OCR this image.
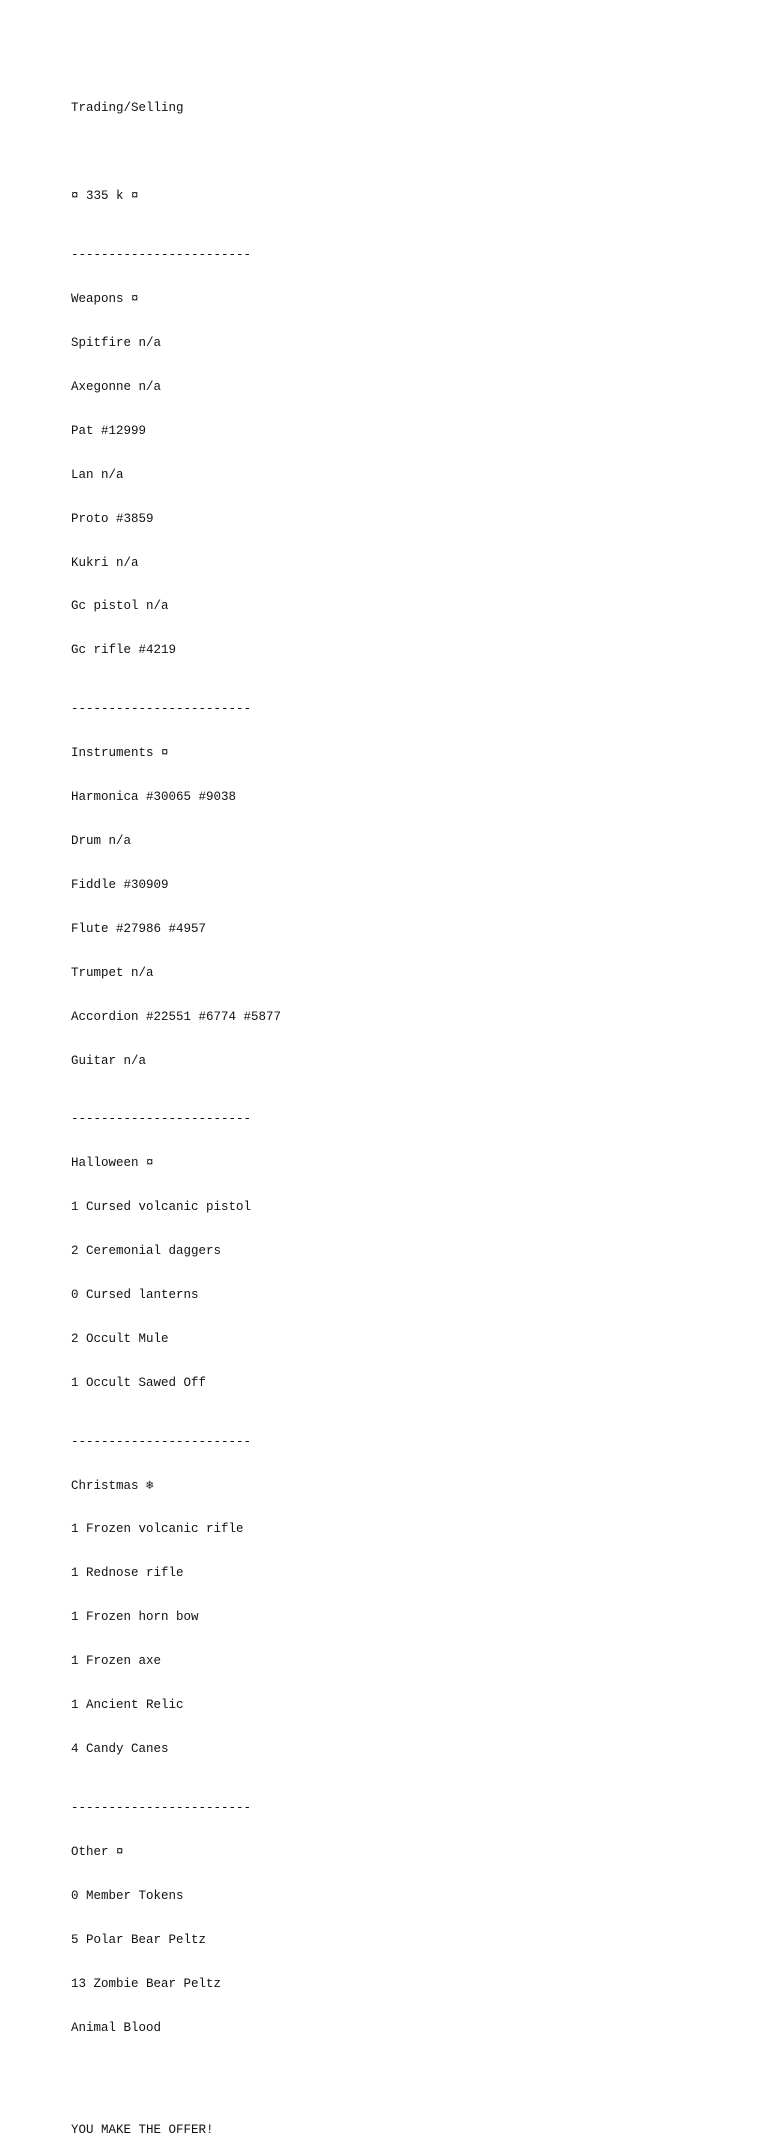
Trading/Selling

¤ 335 k ¤

------------------------

Weapons ¤

Spitfire n/a

Axegonne n/a

Pat #12999

Lan n/a

Proto #3859

Kukri n/a

Gc pistol n/a

Gc rifle #4219

------------------------

Instruments ¤

Harmonica #30065 #9038

Drum n/a

Fiddle #30909

Flute #27986 #4957

Trumpet n/a

Accordion #22551 #6774 #5877

Guitar n/a

------------------------

Halloween ¤

1 Cursed volcanic pistol

2 Ceremonial daggers

0 Cursed lanterns

2 Occult Mule

1 Occult Sawed Off

------------------------

Christmas ❄

1 Frozen volcanic rifle

1 Rednose rifle

1 Frozen horn bow

1 Frozen axe

1 Ancient Relic

4 Candy Canes

------------------------

Other ¤

0 Member Tokens

5 Polar Bear Peltz

13 Zombie Bear Peltz

Animal Blood

YOU MAKE THE OFFER!
